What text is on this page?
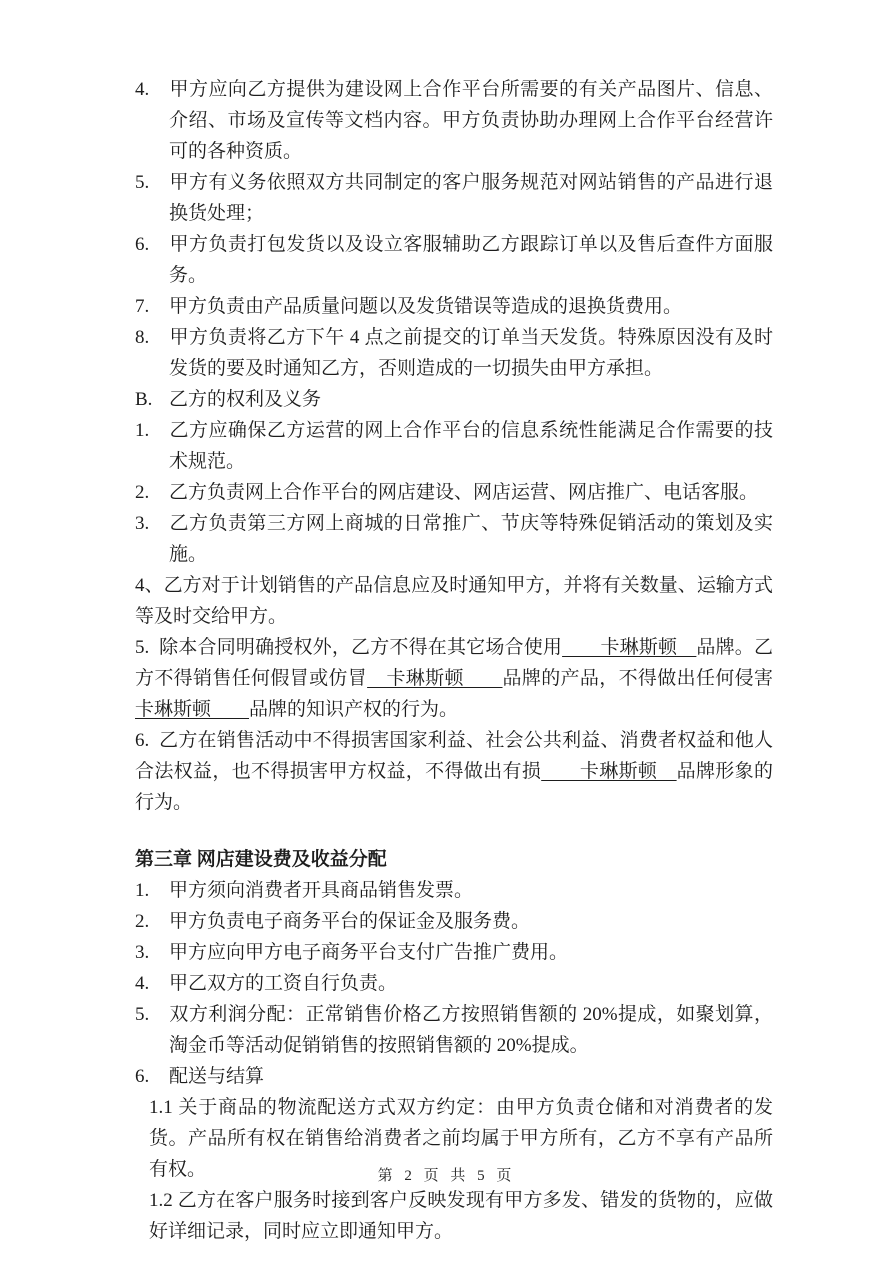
4. 甲方应向乙方提供为建设网上合作平台所需要的有关产品图片、信息、介绍、市场及宣传等文档内容。甲方负责协助办理网上合作平台经营许可的各种资质。
5. 甲方有义务依照双方共同制定的客户服务规范对网站销售的产品进行退换货处理；
6. 甲方负责打包发货以及设立客服辅助乙方跟踪订单以及售后查件方面服务。
7. 甲方负责由产品质量问题以及发货错误等造成的退换货费用。
8. 甲方负责将乙方下午 4 点之前提交的订单当天发货。特殊原因没有及时发货的要及时通知乙方，否则造成的一切损失由甲方承担。
B. 乙方的权利及义务
1. 乙方应确保乙方运营的网上合作平台的信息系统性能满足合作需要的技术规范。
2. 乙方负责网上合作平台的网店建设、网店运营、网店推广、电话客服。
3. 乙方负责第三方网上商城的日常推广、节庆等特殊促销活动的策划及实施。
4、乙方对于计划销售的产品信息应及时通知甲方，并将有关数量、运输方式等及时交给甲方。
5.  除本合同明确授权外，乙方不得在其它场合使用　　卡琳斯顿　品牌。乙方不得销售任何假冒或仿冒　卡琳斯顿　　品牌的产品，不得做出任何侵害卡琳斯顿　　品牌的知识产权的行为。
6.  乙方在销售活动中不得损害国家利益、社会公共利益、消费者权益和他人合法权益，也不得损害甲方权益，不得做出有损　　卡琳斯顿　品牌形象的行为。
第三章 网店建设费及收益分配
1. 甲方须向消费者开具商品销售发票。
2. 甲方负责电子商务平台的保证金及服务费。
3. 甲方应向甲方电子商务平台支付广告推广费用。
4. 甲乙双方的工资自行负责。
5. 双方利润分配：正常销售价格乙方按照销售额的 20%提成，如聚划算，淘金币等活动促销销售的按照销售额的 20%提成。
6. 配送与结算
1.1 关于商品的物流配送方式双方约定：由甲方负责仓储和对消费者的发货。产品所有权在销售给消费者之前均属于甲方所有，乙方不享有产品所有权。
1.2 乙方在客户服务时接到客户反映发现有甲方多发、错发的货物的，应做好详细记录，同时应立即通知甲方。
第 2 页 共 5 页
